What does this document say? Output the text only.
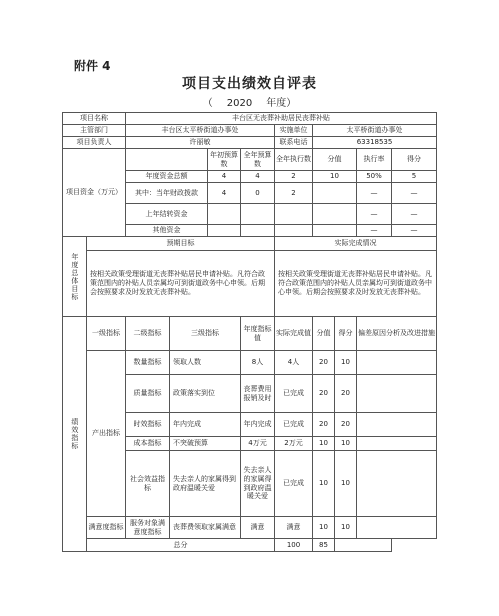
附件 4
项目支出绩效自评表
（ 2020 年度）
项目名称		丰台区无丧葬补助居民丧葬补贴								
主管部门		丰台区太平桥街道办事处				实施单位	太平桥街道办事处			
项目负责人		许丽敏				联系电话	63318535			
项目资金（万元）				年初预算数	全年预算数	全年执行数	分值		执行率	得分
		年度资金总额		4	4	2	10		50%	5
		其中：当年财政拨款		4	0	2			—	—
		上年结转资金							—	—
		其他资金							—	—

年度总体目标	预期目标					实际完成情况				
	按相关政策受理街道无丧葬补贴居民申请补贴。凡符合政策范围内的补贴人员亲属均可到街道政务中心申领。后期会按照要求及时发放无丧葬补贴。					按相关政策受理街道无丧葬补贴居民申请补贴。凡符合政策范围内的补贴人员亲属均可到街道政务中心申领。后期会按照要求及时发放无丧葬补贴。				

绩效指标	一级指标	二级指标	三级指标		年度指标值	实际完成值	分值	得分	偏差原因分析及改进措施	
	产出指标	数量指标	领取人数		8人	4人	20	10		
		质量指标	政策落实到位		丧葬费用报销及时	已完成	20	20		
		时效指标	年内完成		年内完成	已完成	20	20		
		成本指标	不突破预算		4万元	2万元	10	10		
		社会效益指标	失去亲人的家属得到政府温暖关爱		失去亲人的家属得到政府温暖关爱	已完成	10	10		
	满意度指标	服务对象满意度指标	丧葬费领取家属满意		满意	满意	10	10		
	总分					100	85			
